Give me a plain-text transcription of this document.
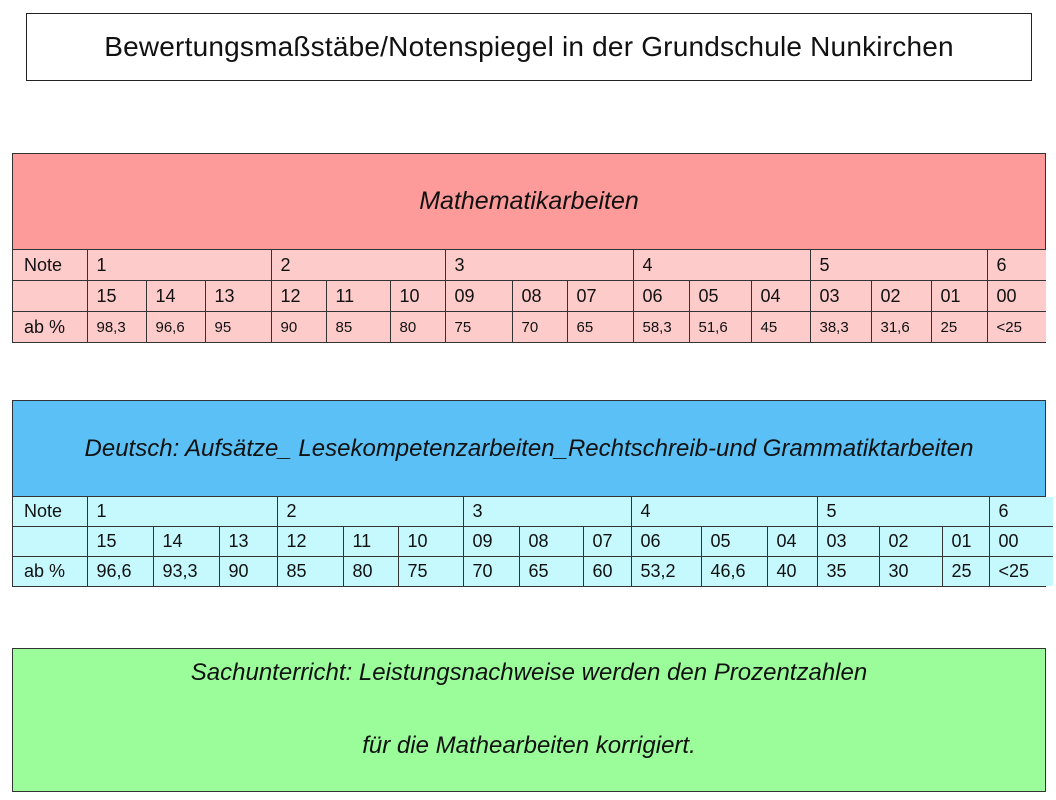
Bewertungsmaßstäbe/Notenspiegel in der Grundschule Nunkirchen
Mathematikarbeiten
Note	1			2			3			4			5			6
	15	14	13	12	11	10	09	08	07	06	05	04	03	02	01	00
ab %	98,3	96,6	95	90	85	80	75	70	65	58,3	51,6	45	38,3	31,6	25	<25
Deutsch: Aufsätze_ Lesekompetenzarbeiten_Rechtschreib-und Grammatiktarbeiten
Note	1			2			3			4			5			6
	15	14	13	12	11	10	09	08	07	06	05	04	03	02	01	00
ab %	96,6	93,3	90	85	80	75	70	65	60	53,2	46,6	40	35	30	25	<25
Sachunterricht: Leistungsnachweise werden den Prozentzahlen
für die Mathearbeiten korrigiert.
